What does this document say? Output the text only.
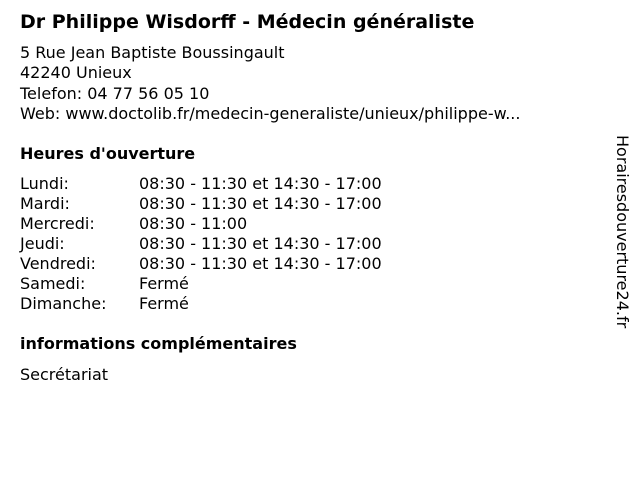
Dr Philippe Wisdorff - Médecin généraliste
5 Rue Jean Baptiste Boussingault
42240 Unieux
Telefon: 04 77 56 05 10
Web: www.doctolib.fr/medecin-generaliste/unieux/philippe-w...
Heures d'ouverture
Lundi:	08:30 - 11:30 et 14:30 - 17:00
Mardi:	08:30 - 11:30 et 14:30 - 17:00
Mercredi:	08:30 - 11:00
Jeudi:	08:30 - 11:30 et 14:30 - 17:00
Vendredi:	08:30 - 11:30 et 14:30 - 17:00
Samedi:	Fermé
Dimanche: Fermé
informations complémentaires
Secrétariat
Horairesdouverture24.fr
